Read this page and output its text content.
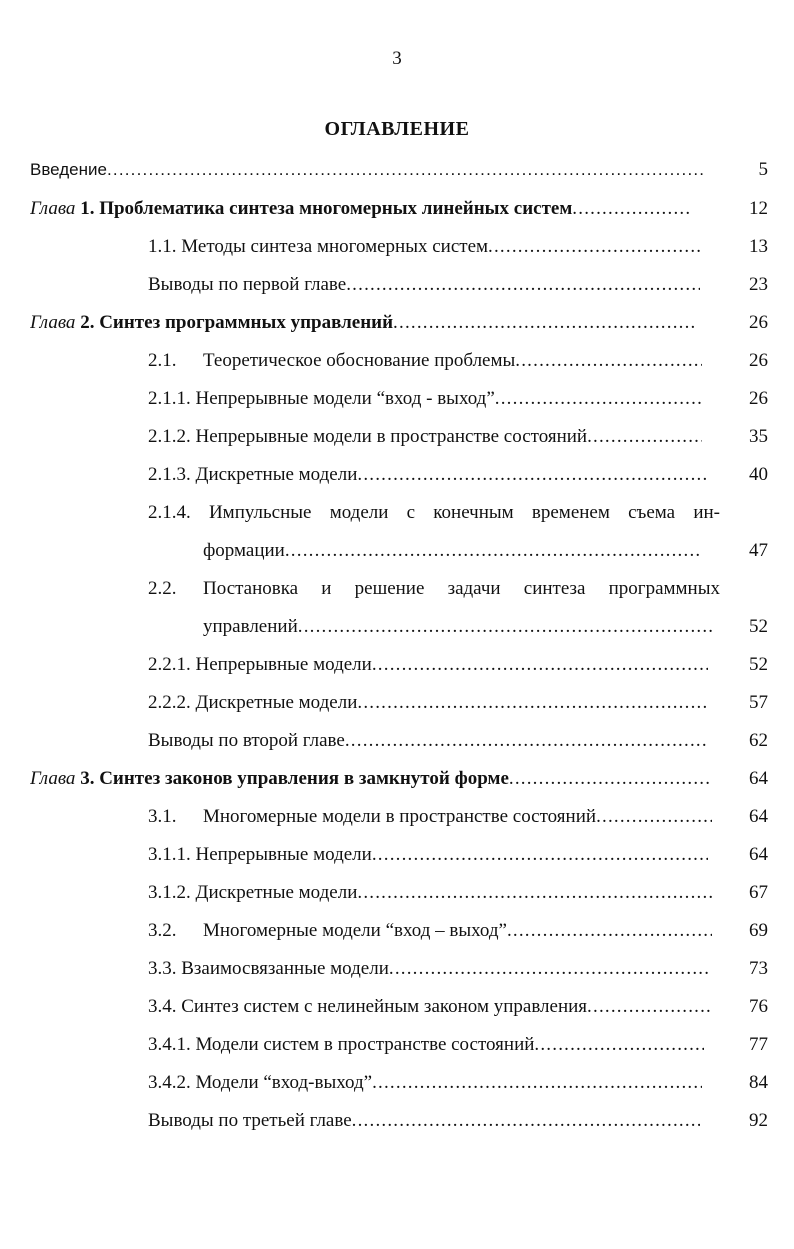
3
ОГЛАВЛЕНИЕ
Введение .....	5
Глава 1. Проблематика синтеза многомерных линейных систем .....	12
1.1. Методы синтеза многомерных систем .....	13
Выводы по первой главе .....	23
Глава 2. Синтез программных управлений .....	26
2.1.	Теоретическое обоснование проблемы .....	26
2.1.1. Непрерывные модели “вход - выход” .....	26
2.1.2. Непрерывные модели в пространстве состояний .....	35
2.1.3. Дискретные модели .....	40
2.1.4. Импульсные модели с конечным временем съема ин-
формации .....	47
2.2. Постановка и решение задачи синтеза программных
управлений .....	52
2.2.1. Непрерывные модели .....	52
2.2.2. Дискретные модели .....	57
Выводы по второй главе .....	62
Глава 3. Синтез законов управления в замкнутой форме .....	64
3.1.	Многомерные модели в пространстве состояний .....	64
3.1.1. Непрерывные модели .....	64
3.1.2. Дискретные модели .....	67
3.2.	Многомерные модели “вход – выход” .....	69
3.3. Взаимосвязанные модели .....	73
3.4. Синтез систем с нелинейным законом управления .....	76
3.4.1. Модели систем в пространстве состояний .....	77
3.4.2. Модели “вход-выход” .....	84
Выводы по третьей главе .....	92
